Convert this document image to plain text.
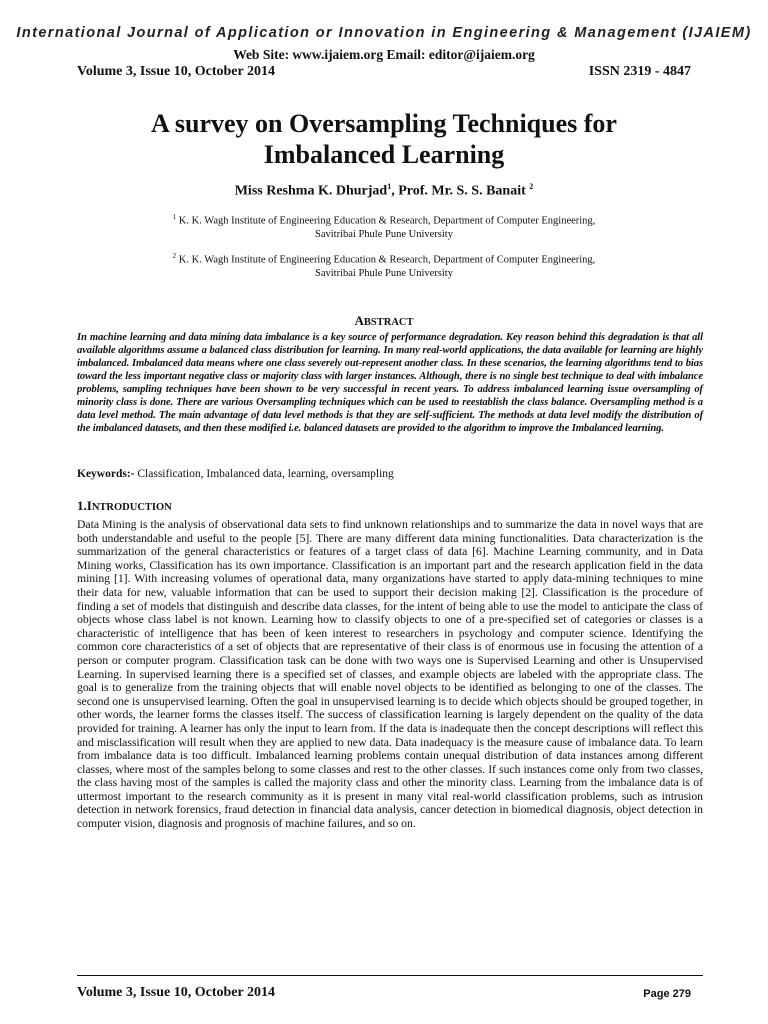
International Journal of Application or Innovation in Engineering & Management (IJAIEM)
Web Site: www.ijaiem.org Email: editor@ijaiem.org
Volume 3, Issue 10, October 2014	ISSN 2319 - 4847
A survey on Oversampling Techniques for
Imbalanced Learning
Miss Reshma K. Dhurjad$^1$, Prof. Mr. S. S. Banait $^2$
$^1$ K. K. Wagh Institute of Engineering Education & Research, Department of Computer Engineering,
Savitribai Phule Pune University
$^2$ K. K. Wagh Institute of Engineering Education & Research, Department of Computer Engineering,
Savitribai Phule Pune University
ABSTRACT
In machine learning and data mining data imbalance is a key source of performance degradation. Key reason behind this degradation is that all available algorithms assume a balanced class distribution for learning. In many real-world applications, the data available for learning are highly imbalanced. Imbalanced data means where one class severely out-represent another class. In these scenarios, the learning algorithms tend to bias toward the less important negative class or majority class with larger instances. Although, there is no single best technique to deal with imbalance problems, sampling techniques have been shown to be very successful in recent years. To address imbalanced learning issue oversampling of minority class is done. There are various Oversampling techniques which can be used to reestablish the class balance. Oversampling method is a data level method. The main advantage of data level methods is that they are self-sufficient. The methods at data level modify the distribution of the imbalanced datasets, and then these modified i.e. balanced datasets are provided to the algorithm to improve the Imbalanced learning.
Keywords:- Classification, Imbalanced data, learning, oversampling
1.INTRODUCTION
Data Mining is the analysis of observational data sets to find unknown relationships and to summarize the data in novel ways that are both understandable and useful to the people [5]. There are many different data mining functionalities. Data characterization is the summarization of the general characteristics or features of a target class of data [6]. Machine Learning community, and in Data Mining works, Classification has its own importance. Classification is an important part and the research application field in the data mining [1]. With increasing volumes of operational data, many organizations have started to apply data-mining techniques to mine their data for new, valuable information that can be used to support their decision making [2]. Classification is the procedure of finding a set of models that distinguish and describe data classes, for the intent of being able to use the model to anticipate the class of objects whose class label is not known. Learning how to classify objects to one of a pre-specified set of categories or classes is a characteristic of intelligence that has been of keen interest to researchers in psychology and computer science. Identifying the common core characteristics of a set of objects that are representative of their class is of enormous use in focusing the attention of a person or computer program. Classification task can be done with two ways one is Supervised Learning and other is Unsupervised Learning. In supervised learning there is a specified set of classes, and example objects are labeled with the appropriate class. The goal is to generalize from the training objects that will enable novel objects to be identified as belonging to one of the classes. The second one is unsupervised learning. Often the goal in unsupervised learning is to decide which objects should be grouped together, in other words, the learner forms the classes itself. The success of classification learning is largely dependent on the quality of the data provided for training. A learner has only the input to learn from. If the data is inadequate then the concept descriptions will reflect this and misclassification will result when they are applied to new data. Data inadequacy is the measure cause of imbalance data. To learn from imbalance data is too difficult. Imbalanced learning problems contain unequal distribution of data instances among different classes, where most of the samples belong to some classes and rest to the other classes. If such instances come only from two classes, the class having most of the samples is called the majority class and other the minority class. Learning from the imbalance data is of uttermost important to the research community as it is present in many vital real-world classification problems, such as intrusion detection in network forensics, fraud detection in financial data analysis, cancer detection in biomedical diagnosis, object detection in computer vision, diagnosis and prognosis of machine failures, and so on.
Volume 3, Issue 10, October 2014	Page 279
